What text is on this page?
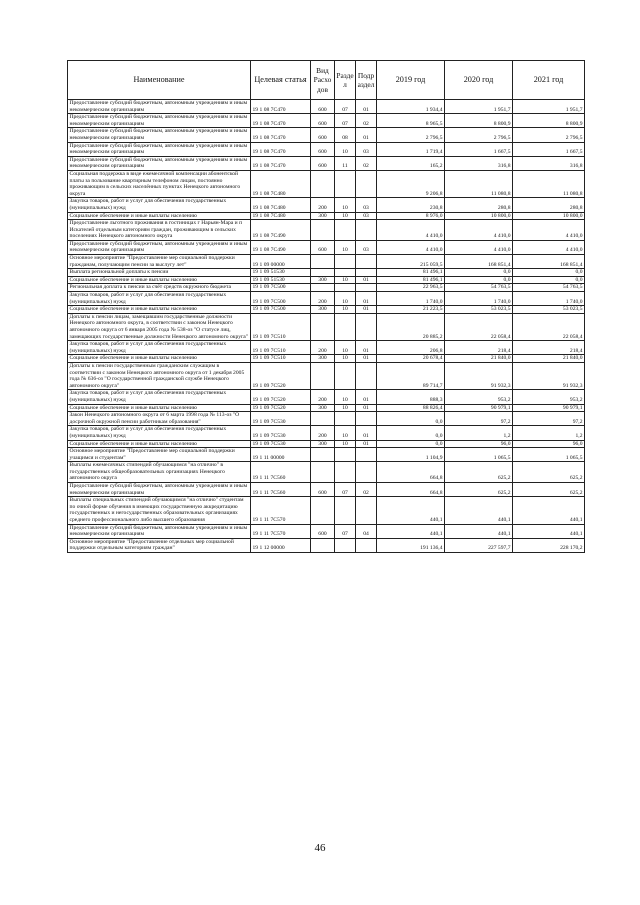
Наименование	Целевая статья	Вид Расхо дов	Разде л	Подр аздел	2019 год	2020 год	2021 год
Предоставление субсидий бюджетным, автономным учреждениям и иным некоммерческим организациям	19 1 08 7С470	600	07	01	1 934,4	1 951,7	1 951,7
Предоставление субсидий бюджетным, автономным учреждениям и иным некоммерческим организациям	19 1 08 7С470	600	07	02	8 965,5	8 800,9	8 800,9
Предоставление субсидий бюджетным, автономным учреждениям и иным некоммерческим организациям	19 1 08 7С470	600	08	01	2 796,5	2 796,5	2 796,5
Предоставление субсидий бюджетным, автономным учреждениям и иным некоммерческим организациям	19 1 08 7С470	600	10	03	1 719,4	1 667,5	1 667,5
Предоставление субсидий бюджетным, автономным учреждениям и иным некоммерческим организациям	19 1 08 7С470	600	11	02	165,2	316,8	316,8
Социальная поддержка в виде ежемесячной компенсации абонентской платы за пользование квартирным телефоном лицам, постоянно проживающим в сельских населённых пунктах Ненецкого автономного округа	19 1 08 7С480				9 206,8	11 080,8	11 080,8
Закупка товаров, работ и услуг для обеспечения государственных (муниципальных) нужд	19 1 08 7С480	200	10	03	230,8	280,8	280,8
Социальное обеспечение и иные выплаты населению	19 1 08 7С480	300	10	03	8 976,0	10 800,0	10 800,0
Предоставление льготного проживания в гостиницах г Нарьян-Мара и п Искателей отдельным категориям граждан, проживающим в сельских поселениях Ненецкого автономного округа	19 1 08 7С490				4 410,0	4 410,0	4 410,0
Предоставление субсидий бюджетным, автономным учреждениям и иным некоммерческим организациям	19 1 08 7С490	600	10	03	4 410,0	4 410,0	4 410,0
Основное мероприятие "Предоставление мер социальной поддержки гражданам, получающим пенсии за выслугу лет"	19 1 09 00000				215 059,5	168 851,4	168 851,4
Выплата региональной доплаты к пенсии	19 1 09 51530				81 496,1	0,0	0,0
Социальное обеспечение и иные выплаты населению	19 1 09 51530	300	10	01	81 496,1	0,0	0,0
Региональная доплата к пенсии за счёт средств окружного бюджета	19 1 09 7С500				22 963,5	54 763,5	54 763,5
Закупка товаров, работ и услуг для обеспечения государственных (муниципальных) нужд	19 1 09 7С500	200	10	01	1 740,0	1 740,0	1 740,0
Социальное обеспечение и иные выплаты населению	19 1 09 7С500	300	10	01	21 223,5	53 023,5	53 023,5
Доплаты к пенсии лицам, замещавшим государственные должности Ненецкого автономного округа, в соответствии с законом Ненецкого автономного округа от 6 января 2005 года № 538-оз "О статусе лиц, замещающих государственные должности Ненецкого автономного округа"	19 1 09 7С510				20 885,2	22 058,4	22 058,4
Закупка товаров, работ и услуг для обеспечения государственных (муниципальных) нужд	19 1 09 7С510	200	10	01	206,8	218,4	218,4
Социальное обеспечение и иные выплаты населению	19 1 09 7С510	300	10	01	20 678,4	21 840,0	21 840,0
Доплаты к пенсии государственным гражданским служащим в соответствии с законом Ненецкого автономного округа от 1 декабря 2005 года № 636-оз "О государственной гражданской службе Ненецкого автономного округа"	19 1 09 7С520				89 714,7	91 932,3	91 932,3
Закупка товаров, работ и услуг для обеспечения государственных (муниципальных) нужд	19 1 09 7С520	200	10	01	888,3	953,2	953,2
Социальное обеспечение и иные выплаты населению	19 1 09 7С520	300	10	01	88 826,4	90 979,1	90 979,1
Закон Ненецкого автономного округа от 6 марта 1998 года № 113-оз "О досрочной окружной пенсии работникам образования"	19 1 09 7С530				0,0	97,2	97,2
Закупка товаров, работ и услуг для обеспечения государственных (муниципальных) нужд	19 1 09 7С530	200	10	01	0,0	1,2	1,2
Социальное обеспечение и иные выплаты населению	19 1 09 7С530	300	10	01	0,0	96,0	96,0
Основное мероприятие "Предоставление мер социальной поддержки учащимся и студентам"	19 1 11 00000				1 104,9	1 065,5	1 065,5
Выплаты ежемесячных стипендий обучающимся "на отлично" в государственных общеобразовательных организациях Ненецкого автономного округа	19 1 11 7С560				664,8	625,2	625,2
Предоставление субсидий бюджетным, автономным учреждениям и иным некоммерческим организациям	19 1 11 7С560	600	07	02	664,8	625,2	625,2
Выплаты специальных стипендий обучающимся "на отлично" студентам по очной форме обучения в имеющих государственную аккредитацию государственных и негосударственных образовательных организациях среднего профессионального либо высшего образования	19 1 11 7С570				440,1	440,1	440,1
Предоставление субсидий бюджетным, автономным учреждениям и иным некоммерческим организациям	19 1 11 7С570	600	07	04	440,1	440,1	440,1
Основное мероприятие "Предоставление отдельных мер социальной поддержки отдельным категориям граждан"	19 1 12 00000				191 136,4	227 597,7	228 170,2
46
